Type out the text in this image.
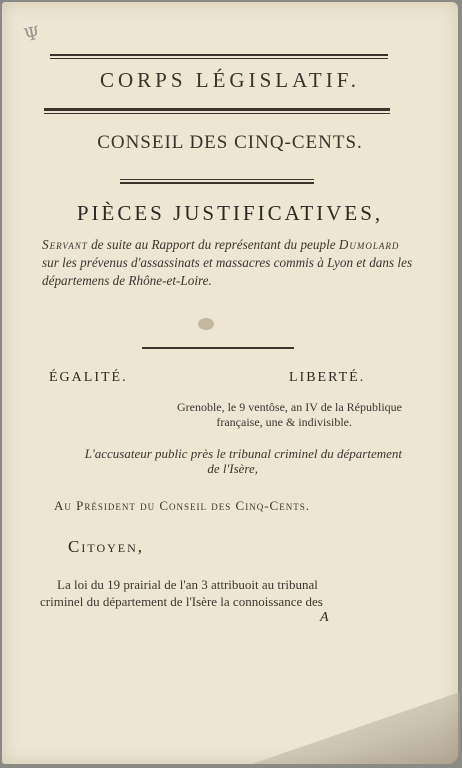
Ψ
CORPS LÉGISLATIF.
CONSEIL DES CINQ-CENTS.
PIÈCES JUSTIFICATIVES,
Servant de suite au Rapport du représentant du peuple Dumolard sur les prévenus d'assassinats et massacres commis à Lyon et dans les départemens de Rhône-et-Loire.
ÉGALITÉ.	LIBERTÉ.
Grenoble, le 9 ventôse, an IV de la République
française, une & indivisible.
L'accusateur public près le tribunal criminel du département
de l'Isère,
Au Président du Conseil des Cinq-Cents.
Citoyen,
La loi du 19 prairial de l'an 3 attribuoit au tribunal
criminel du département de l'Isère la connoissance des
A
